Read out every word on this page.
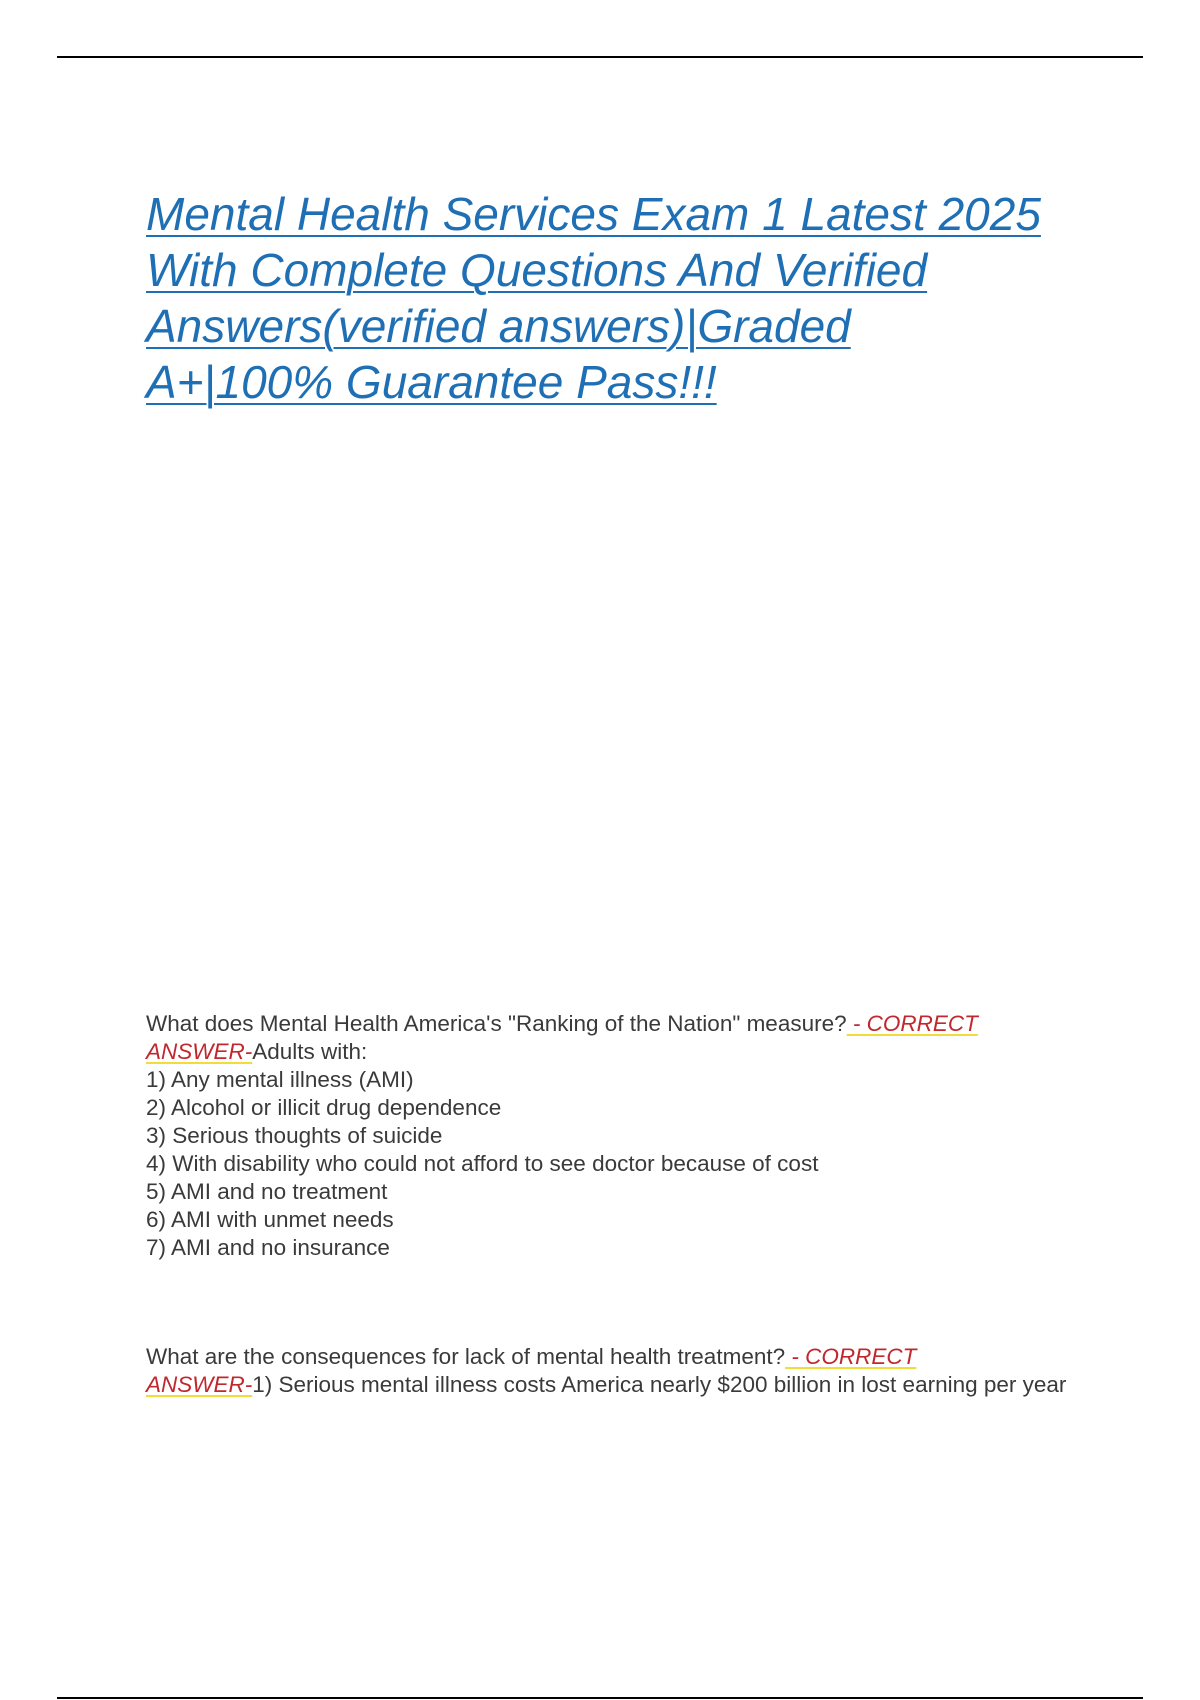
Mental Health Services Exam 1 Latest 2025
With Complete Questions And Verified
Answers(verified answers)|Graded
A+|100% Guarantee Pass!!!

What does Mental Health America's "Ranking of the Nation" measure? - CORRECT
ANSWER-Adults with:

1) Any mental illness (AMI)
2) Alcohol or illicit drug dependence
3) Serious thoughts of suicide
4) With disability who could not afford to see doctor because of cost
5) AMI and no treatment
6) AMI with unmet needs
7) AMI and no insurance

What are the consequences for lack of mental health treatment? - CORRECT
ANSWER-1) Serious mental illness costs America nearly $200 billion in lost earning per year
